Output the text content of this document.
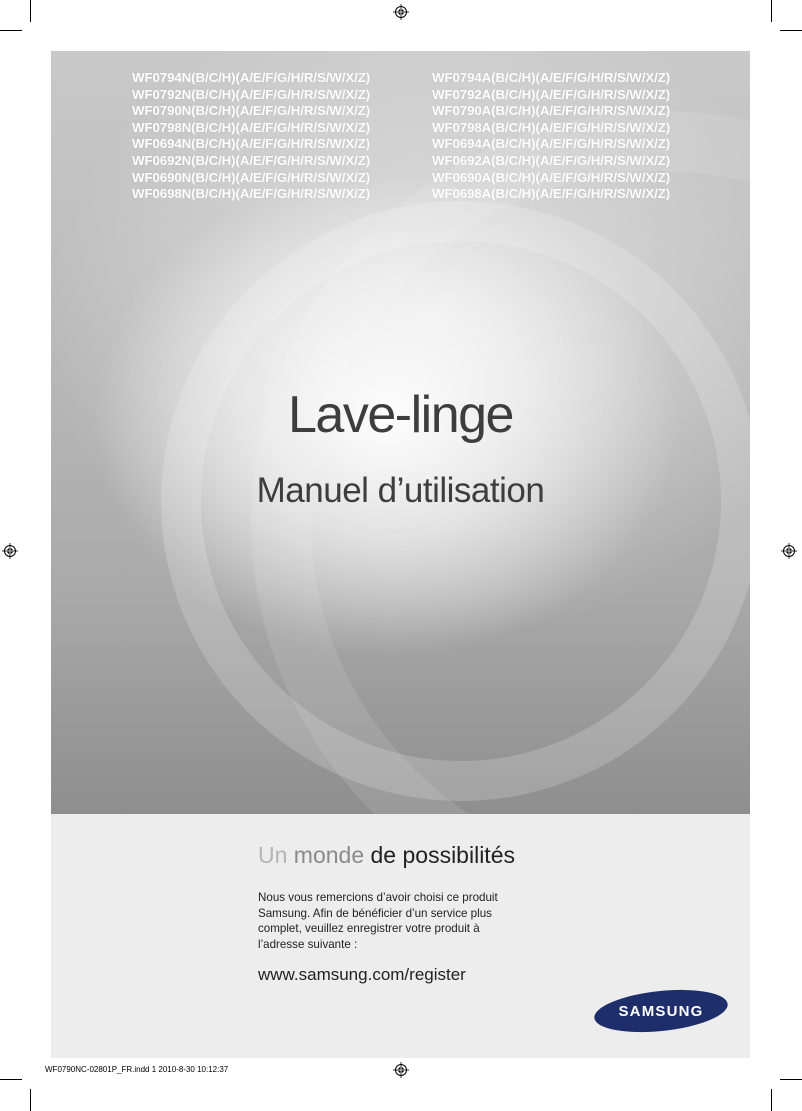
WF0794N(B/C/H)(A/E/F/G/H/R/S/W/X/Z)	WF0794A(B/C/H)(A/E/F/G/H/R/S/W/X/Z)
WF0792N(B/C/H)(A/E/F/G/H/R/S/W/X/Z)	WF0792A(B/C/H)(A/E/F/G/H/R/S/W/X/Z)
WF0790N(B/C/H)(A/E/F/G/H/R/S/W/X/Z)	WF0790A(B/C/H)(A/E/F/G/H/R/S/W/X/Z)
WF0798N(B/C/H)(A/E/F/G/H/R/S/W/X/Z)	WF0798A(B/C/H)(A/E/F/G/H/R/S/W/X/Z)
WF0694N(B/C/H)(A/E/F/G/H/R/S/W/X/Z)	WF0694A(B/C/H)(A/E/F/G/H/R/S/W/X/Z)
WF0692N(B/C/H)(A/E/F/G/H/R/S/W/X/Z)	WF0692A(B/C/H)(A/E/F/G/H/R/S/W/X/Z)
WF0690N(B/C/H)(A/E/F/G/H/R/S/W/X/Z)	WF0690A(B/C/H)(A/E/F/G/H/R/S/W/X/Z)
WF0698N(B/C/H)(A/E/F/G/H/R/S/W/X/Z)	WF0698A(B/C/H)(A/E/F/G/H/R/S/W/X/Z)
Lave-linge
Manuel d’utilisation
Un monde de possibilités
Nous vous remercions d’avoir choisi ce produit
Samsung. Afin de bénéficier d’un service plus
complet, veuillez enregistrer votre produit à
l’adresse suivante :
www.samsung.com/register
SAMSUNG
WF0790NC-02801P_FR.indd 1 2010-8-30 10:12:37
